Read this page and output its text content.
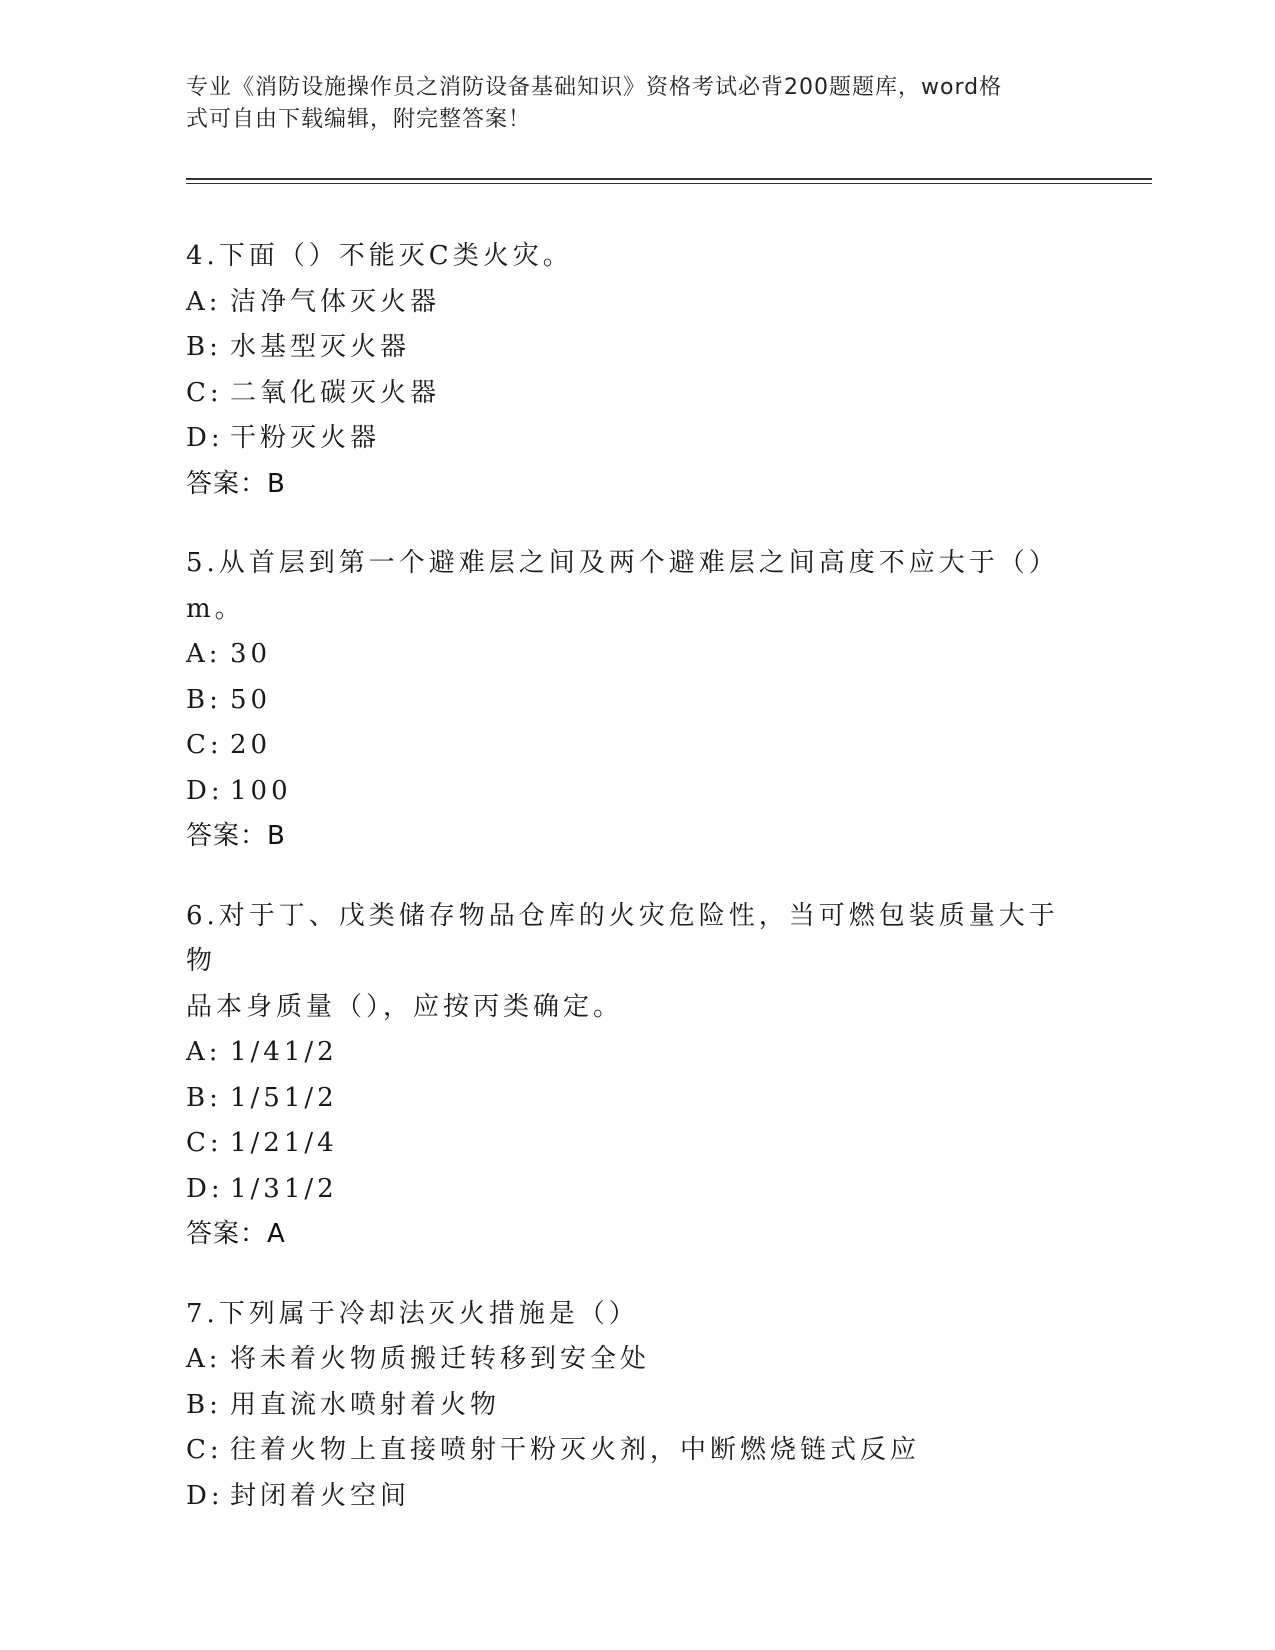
专业《消防设施操作员之消防设备基础知识》资格考试必背200题题库，word格
式可自由下载编辑，附完整答案！
4.下面（）不能灭C类火灾。
A: 洁净气体灭火器
B: 水基型灭火器
C: 二氧化碳灭火器
D: 干粉灭火器
答案：B
5.从首层到第一个避难层之间及两个避难层之间高度不应大于（）m。
A: 30
B: 50
C: 20
D: 100
答案：B
6.对于丁、戊类储存物品仓库的火灾危险性，当可燃包装质量大于物
品本身质量（），应按丙类确定。
A: 1/41/2
B: 1/51/2
C: 1/21/4
D: 1/31/2
答案：A
7.下列属于冷却法灭火措施是（）
A: 将未着火物质搬迁转移到安全处
B: 用直流水喷射着火物
C: 往着火物上直接喷射干粉灭火剂，中断燃烧链式反应
D: 封闭着火空间
